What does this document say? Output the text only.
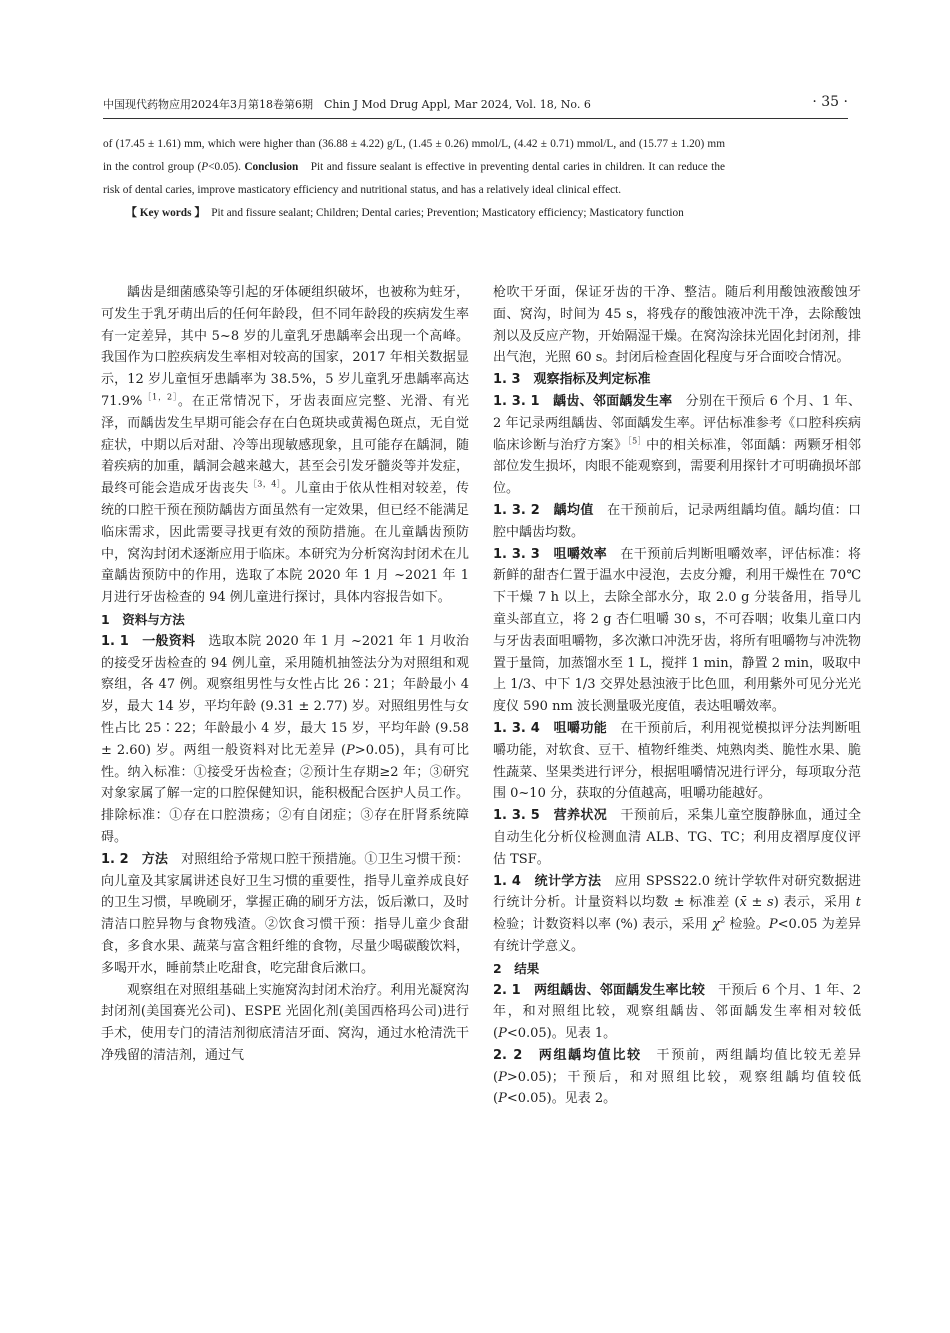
中国现代药物应用2024年3月第18卷第6期　Chin J Mod Drug Appl, Mar 2024, Vol. 18, No. 6	· 35 ·

of (17.45 ± 1.61) mm, which were higher than (36.88 ± 4.22) g/L, (1.45 ± 0.26) mmol/L, (4.42 ± 0.71) mmol/L, and (15.77 ± 1.20) mm in the control group (P<0.05). Conclusion　Pit and fissure sealant is effective in preventing dental caries in children. It can reduce the risk of dental caries, improve masticatory efficiency and nutritional status, and has a relatively ideal clinical effect.

【 Key words 】　Pit and fissure sealant; Children; Dental caries; Prevention; Masticatory efficiency; Masticatory function

龋齿是细菌感染等引起的牙体硬组织破坏，也被称为蛀牙，可发生于乳牙萌出后的任何年龄段，但不同年龄段的疾病发生率有一定差异，其中 5~8 岁的儿童乳牙患龋率会出现一个高峰。我国作为口腔疾病发生率相对较高的国家，2017 年相关数据显示，12 岁儿童恒牙患龋率为 38.5%，5 岁儿童乳牙患龋率高达 71.9%$^{[1,2]}$。在正常情况下，牙齿表面应完整、光滑、有光泽，而龋齿发生早期可能会存在白色斑块或黄褐色斑点，无自觉症状，中期以后对甜、冷等出现敏感现象，且可能存在龋洞，随着疾病的加重，龋洞会越来越大，甚至会引发牙髓炎等并发症，最终可能会造成牙齿丧失$^{[3,4]}$。儿童由于依从性相对较差，传统的口腔干预在预防龋齿方面虽然有一定效果，但已经不能满足临床需求，因此需要寻找更有效的预防措施。在儿童龋齿预防中，窝沟封闭术逐渐应用于临床。本研究为分析窝沟封闭术在儿童龋齿预防中的作用，选取了本院 2020 年 1 月 ~2021 年 1 月进行牙齿检查的 94 例儿童进行探讨，具体内容报告如下。

1　资料与方法

1. 1　一般资料　选取本院 2020 年 1 月 ~2021 年 1 月收治的接受牙齿检查的 94 例儿童，采用随机抽签法分为对照组和观察组，各 47 例。观察组男性与女性占比 26∶21；年龄最小 4 岁，最大 14 岁，平均年龄 (9.31 ± 2.77) 岁。对照组男性与女性占比 25∶22；年龄最小 4 岁，最大 15 岁，平均年龄 (9.58 ± 2.60) 岁。两组一般资料对比无差异 (P>0.05)，具有可比性。纳入标准：①接受牙齿检查；②预计生存期≥2 年；③研究对象家属了解一定的口腔保健知识，能积极配合医护人员工作。排除标准：①存在口腔溃疡；②有自闭症；③存在肝肾系统障碍。

1. 2　方法　对照组给予常规口腔干预措施。①卫生习惯干预：向儿童及其家属讲述良好卫生习惯的重要性，指导儿童养成良好的卫生习惯，早晚刷牙，掌握正确的刷牙方法，饭后漱口，及时清洁口腔异物与食物残渣。②饮食习惯干预：指导儿童少食甜食，多食水果、蔬菜与富含粗纤维的食物，尽量少喝碳酸饮料，多喝开水，睡前禁止吃甜食，吃完甜食后漱口。

观察组在对照组基础上实施窝沟封闭术治疗。利用光凝窝沟封闭剂(美国赛光公司)、ESPE 光固化剂(美国西格玛公司)进行手术，使用专门的清洁剂彻底清洁牙面、窝沟，通过水枪清洗干净残留的清洁剂，通过气

枪吹干牙面，保证牙齿的干净、整洁。随后利用酸蚀液酸蚀牙面、窝沟，时间为 45 s，将残存的酸蚀液冲洗干净，去除酸蚀剂以及反应产物，开始隔湿干燥。在窝沟涂抹光固化封闭剂，排出气泡，光照 60 s。封闭后检查固化程度与牙合面咬合情况。

1. 3　观察指标及判定标准

1. 3. 1　龋齿、邻面龋发生率　分别在干预后 6 个月、1 年、2 年记录两组龋齿、邻面龋发生率。评估标准参考《口腔科疾病临床诊断与治疗方案》$^{[5]}$中的相关标准，邻面龋：两颗牙相邻部位发生损坏，肉眼不能观察到，需要利用探针才可明确损坏部位。

1. 3. 2　龋均值　在干预前后，记录两组龋均值。龋均值：口腔中龋齿均数。

1. 3. 3　咀嚼效率　在干预前后判断咀嚼效率，评估标准：将新鲜的甜杏仁置于温水中浸泡，去皮分瓣，利用干燥性在 70℃下干燥 7 h 以上，去除全部水分，取 2.0 g 分装备用，指导儿童头部直立，将 2 g 杏仁咀嚼 30 s，不可吞咽；收集儿童口内与牙齿表面咀嚼物，多次漱口冲洗牙齿，将所有咀嚼物与冲洗物置于量筒，加蒸馏水至 1 L，搅拌 1 min，静置 2 min，吸取中上 1/3、中下 1/3 交界处悬浊液于比色皿，利用紫外可见分光光度仪 590 nm 波长测量吸光度值，表达咀嚼效率。

1. 3. 4　咀嚼功能　在干预前后，利用视觉模拟评分法判断咀嚼功能，对软食、豆干、植物纤维类、炖熟肉类、脆性水果、脆性蔬菜、坚果类进行评分，根据咀嚼情况进行评分，每项取分范围 0~10 分，获取的分值越高，咀嚼功能越好。

1. 3. 5　营养状况　干预前后，采集儿童空腹静脉血，通过全自动生化分析仪检测血清 ALB、TG、TC；利用皮褶厚度仪评估 TSF。

1. 4　统计学方法　应用 SPSS22.0 统计学软件对研究数据进行统计分析。计量资料以均数 ± 标准差 (x̄ ± s) 表示，采用 t 检验；计数资料以率 (%) 表示，采用 $\chi^2$ 检验。P<0.05 为差异有统计学意义。

2　结果

2. 1　两组龋齿、邻面龋发生率比较　干预后 6 个月、1 年、2 年，和对照组比较，观察组龋齿、邻面龋发生率相对较低 (P<0.05)。见表 1。

2. 2　两组龋均值比较　干预前，两组龋均值比较无差异 (P>0.05)；干预后，和对照组比较，观察组龋均值较低 (P<0.05)。见表 2。
